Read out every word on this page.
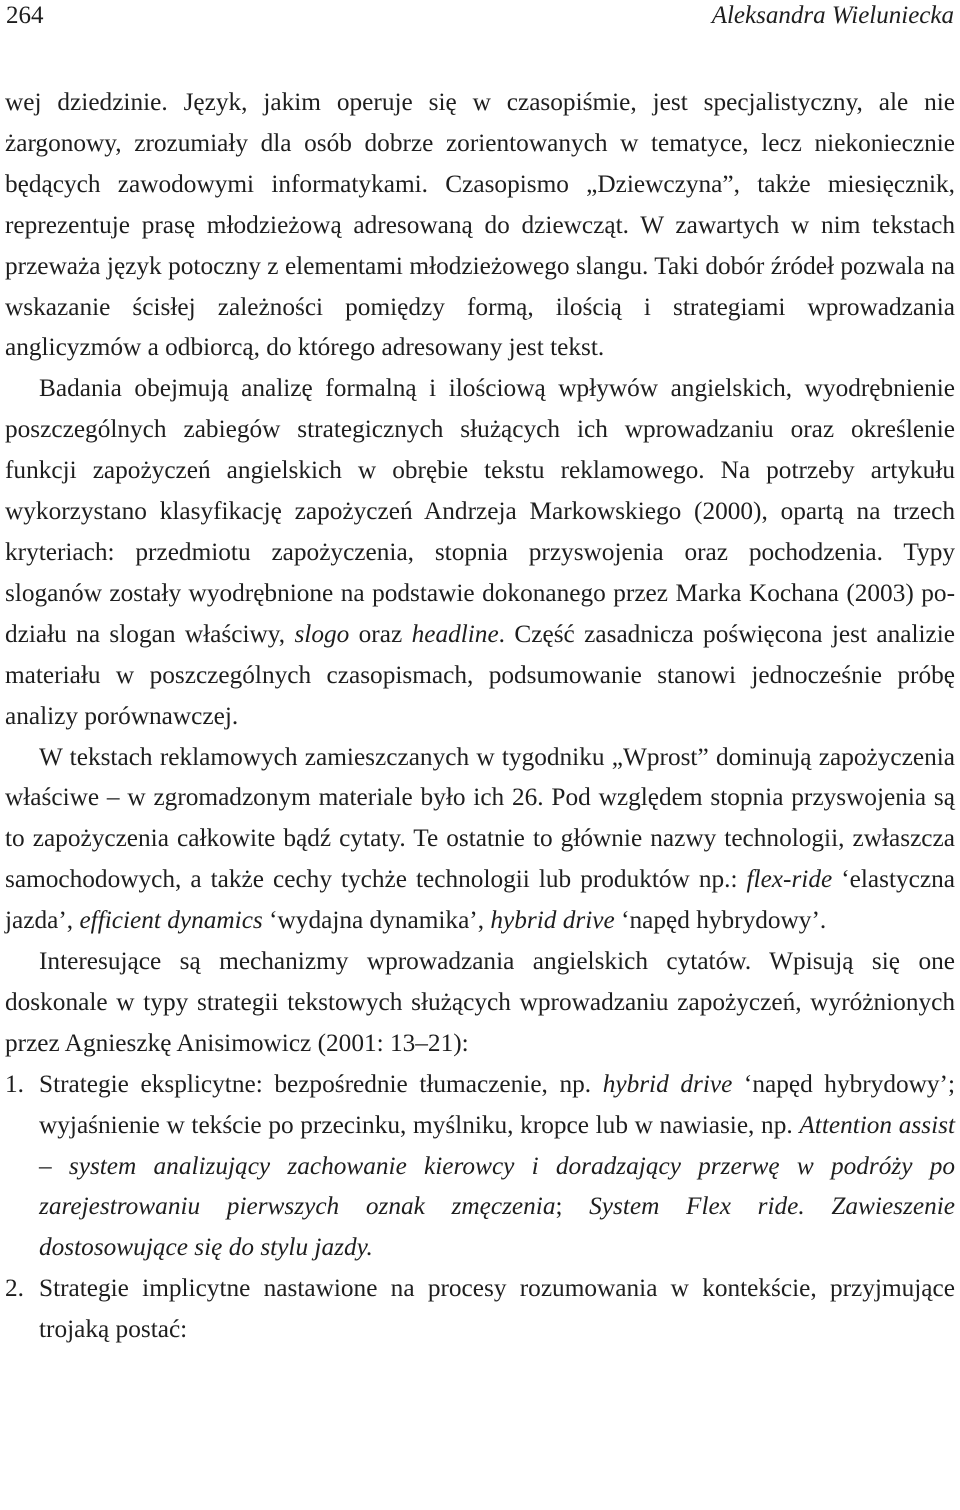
264	Aleksandra Wieluniecka

wej dziedzinie. Język, jakim operuje się w czasopiśmie, jest specjalistyczny, ale nie żargonowy, zrozumiały dla osób dobrze zorientowanych w tematyce, lecz niekoniecznie będących zawodowymi informatykami. Czasopismo „Dziewczyna”, także miesięcznik, reprezentuje prasę młodzieżową adresowaną do dziewcząt. W zawartych w nim tekstach przeważa język potoczny z elementami młodzieżowego slangu. Taki dobór źródeł pozwala na wskazanie ścisłej zależności pomiędzy formą, ilością i strategiami wprowadzania anglicyzmów a odbiorcą, do którego adresowany jest tekst.

Badania obejmują analizę formalną i ilościową wpływów angielskich, wyodrębnienie poszczególnych zabiegów strategicznych służących ich wprowadzaniu oraz określenie funkcji zapożyczeń angielskich w obrębie tekstu reklamowego. Na potrzeby artykułu wykorzystano klasyfikację zapożyczeń Andrzeja Markowskiego (2000), opartą na trzech kryteriach: przedmiotu zapożyczenia, stopnia przyswojenia oraz pochodzenia. Typy sloganów zostały wyodrębnione na podstawie dokonanego przez Marka Kochana (2003) podziału na slogan właściwy, slogo oraz headline. Część zasadnicza poświęcona jest analizie materiału w poszczególnych czasopismach, podsumowanie stanowi jednocześnie próbę analizy porównawczej.

W tekstach reklamowych zamieszczanych w tygodniku „Wprost” dominują zapożyczenia właściwe – w zgromadzonym materiale było ich 26. Pod względem stopnia przyswojenia są to zapożyczenia całkowite bądź cytaty. Te ostatnie to głównie nazwy technologii, zwłaszcza samochodowych, a także cechy tychże technologii lub produktów np.: flex-ride ‘elastyczna jazda’, efficient dynamics ‘wydajna dynamika’, hybrid drive ‘napęd hybrydowy’.

Interesujące są mechanizmy wprowadzania angielskich cytatów. Wpisują się one doskonale w typy strategii tekstowych służących wprowadzaniu zapożyczeń, wyróżnionych przez Agnieszkę Anisimowicz (2001: 13–21):

1. Strategie eksplicytne: bezpośrednie tłumaczenie, np. hybrid drive ‘napęd hybrydowy’; wyjaśnienie w tekście po przecinku, myślniku, kropce lub w nawiasie, np. Attention assist – system analizujący zachowanie kierowcy i doradzający przerwę w podróży po zarejestrowaniu pierwszych oznak zmęczenia; System Flex ride. Zawieszenie dostosowujące się do stylu jazdy.
2. Strategie implicytne nastawione na procesy rozumowania w kontekście, przyjmujące trojaką postać:
